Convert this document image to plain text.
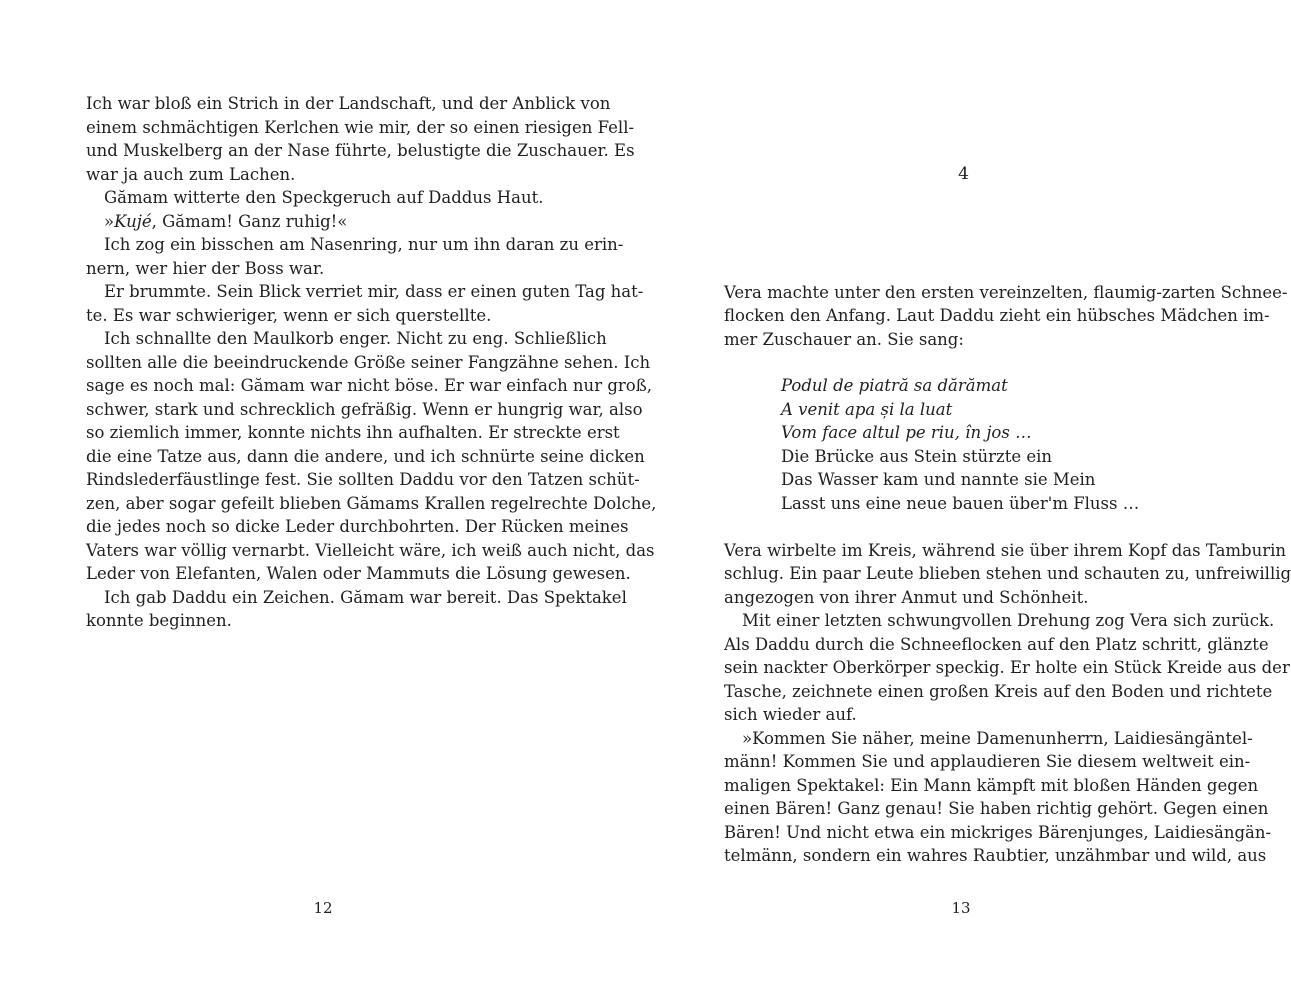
Ich war bloß ein Strich in der Landschaft, und der Anblick von
einem schmächtigen Kerlchen wie mir, der so einen riesigen Fell-
und Muskelberg an der Nase führte, belustigte die Zuschauer. Es
war ja auch zum Lachen.
Gămam witterte den Speckgeruch auf Daddus Haut.
»Kujé, Gămam! Ganz ruhig!«
Ich zog ein bisschen am Nasenring, nur um ihn daran zu erin-
nern, wer hier der Boss war.
Er brummte. Sein Blick verriet mir, dass er einen guten Tag hat-
te. Es war schwieriger, wenn er sich querstellte.
Ich schnallte den Maulkorb enger. Nicht zu eng. Schließlich
sollten alle die beeindruckende Größe seiner Fangzähne sehen. Ich
sage es noch mal: Gămam war nicht böse. Er war einfach nur groß,
schwer, stark und schrecklich gefräßig. Wenn er hungrig war, also
so ziemlich immer, konnte nichts ihn aufhalten. Er streckte erst
die eine Tatze aus, dann die andere, und ich schnürte seine dicken
Rindslederfäustlinge fest. Sie sollten Daddu vor den Tatzen schüt-
zen, aber sogar gefeilt blieben Gămams Krallen regelrechte Dolche,
die jedes noch so dicke Leder durchbohrten. Der Rücken meines
Vaters war völlig vernarbt. Vielleicht wäre, ich weiß auch nicht, das
Leder von Elefanten, Walen oder Mammuts die Lösung gewesen.
Ich gab Daddu ein Zeichen. Gămam war bereit. Das Spektakel
konnte beginnen.
12
4
Vera machte unter den ersten vereinzelten, flaumig-zarten Schnee-
flocken den Anfang. Laut Daddu zieht ein hübsches Mädchen im-
mer Zuschauer an. Sie sang:
Podul de piatră sa dărămat
A venit apa și la luat
Vom face altul pe riu, în jos …
Die Brücke aus Stein stürzte ein
Das Wasser kam und nannte sie Mein
Lasst uns eine neue bauen über'm Fluss …
Vera wirbelte im Kreis, während sie über ihrem Kopf das Tamburin
schlug. Ein paar Leute blieben stehen und schauten zu, unfreiwillig
angezogen von ihrer Anmut und Schönheit.
Mit einer letzten schwungvollen Drehung zog Vera sich zurück.
Als Daddu durch die Schneeflocken auf den Platz schritt, glänzte
sein nackter Oberkörper speckig. Er holte ein Stück Kreide aus der
Tasche, zeichnete einen großen Kreis auf den Boden und richtete
sich wieder auf.
»Kommen Sie näher, meine Damenunherrn, Laidiesängäntel-
männ! Kommen Sie und applaudieren Sie diesem weltweit ein-
maligen Spektakel: Ein Mann kämpft mit bloßen Händen gegen
einen Bären! Ganz genau! Sie haben richtig gehört. Gegen einen
Bären! Und nicht etwa ein mickriges Bärenjunges, Laidiesängän-
telmänn, sondern ein wahres Raubtier, unzähmbar und wild, aus
13
